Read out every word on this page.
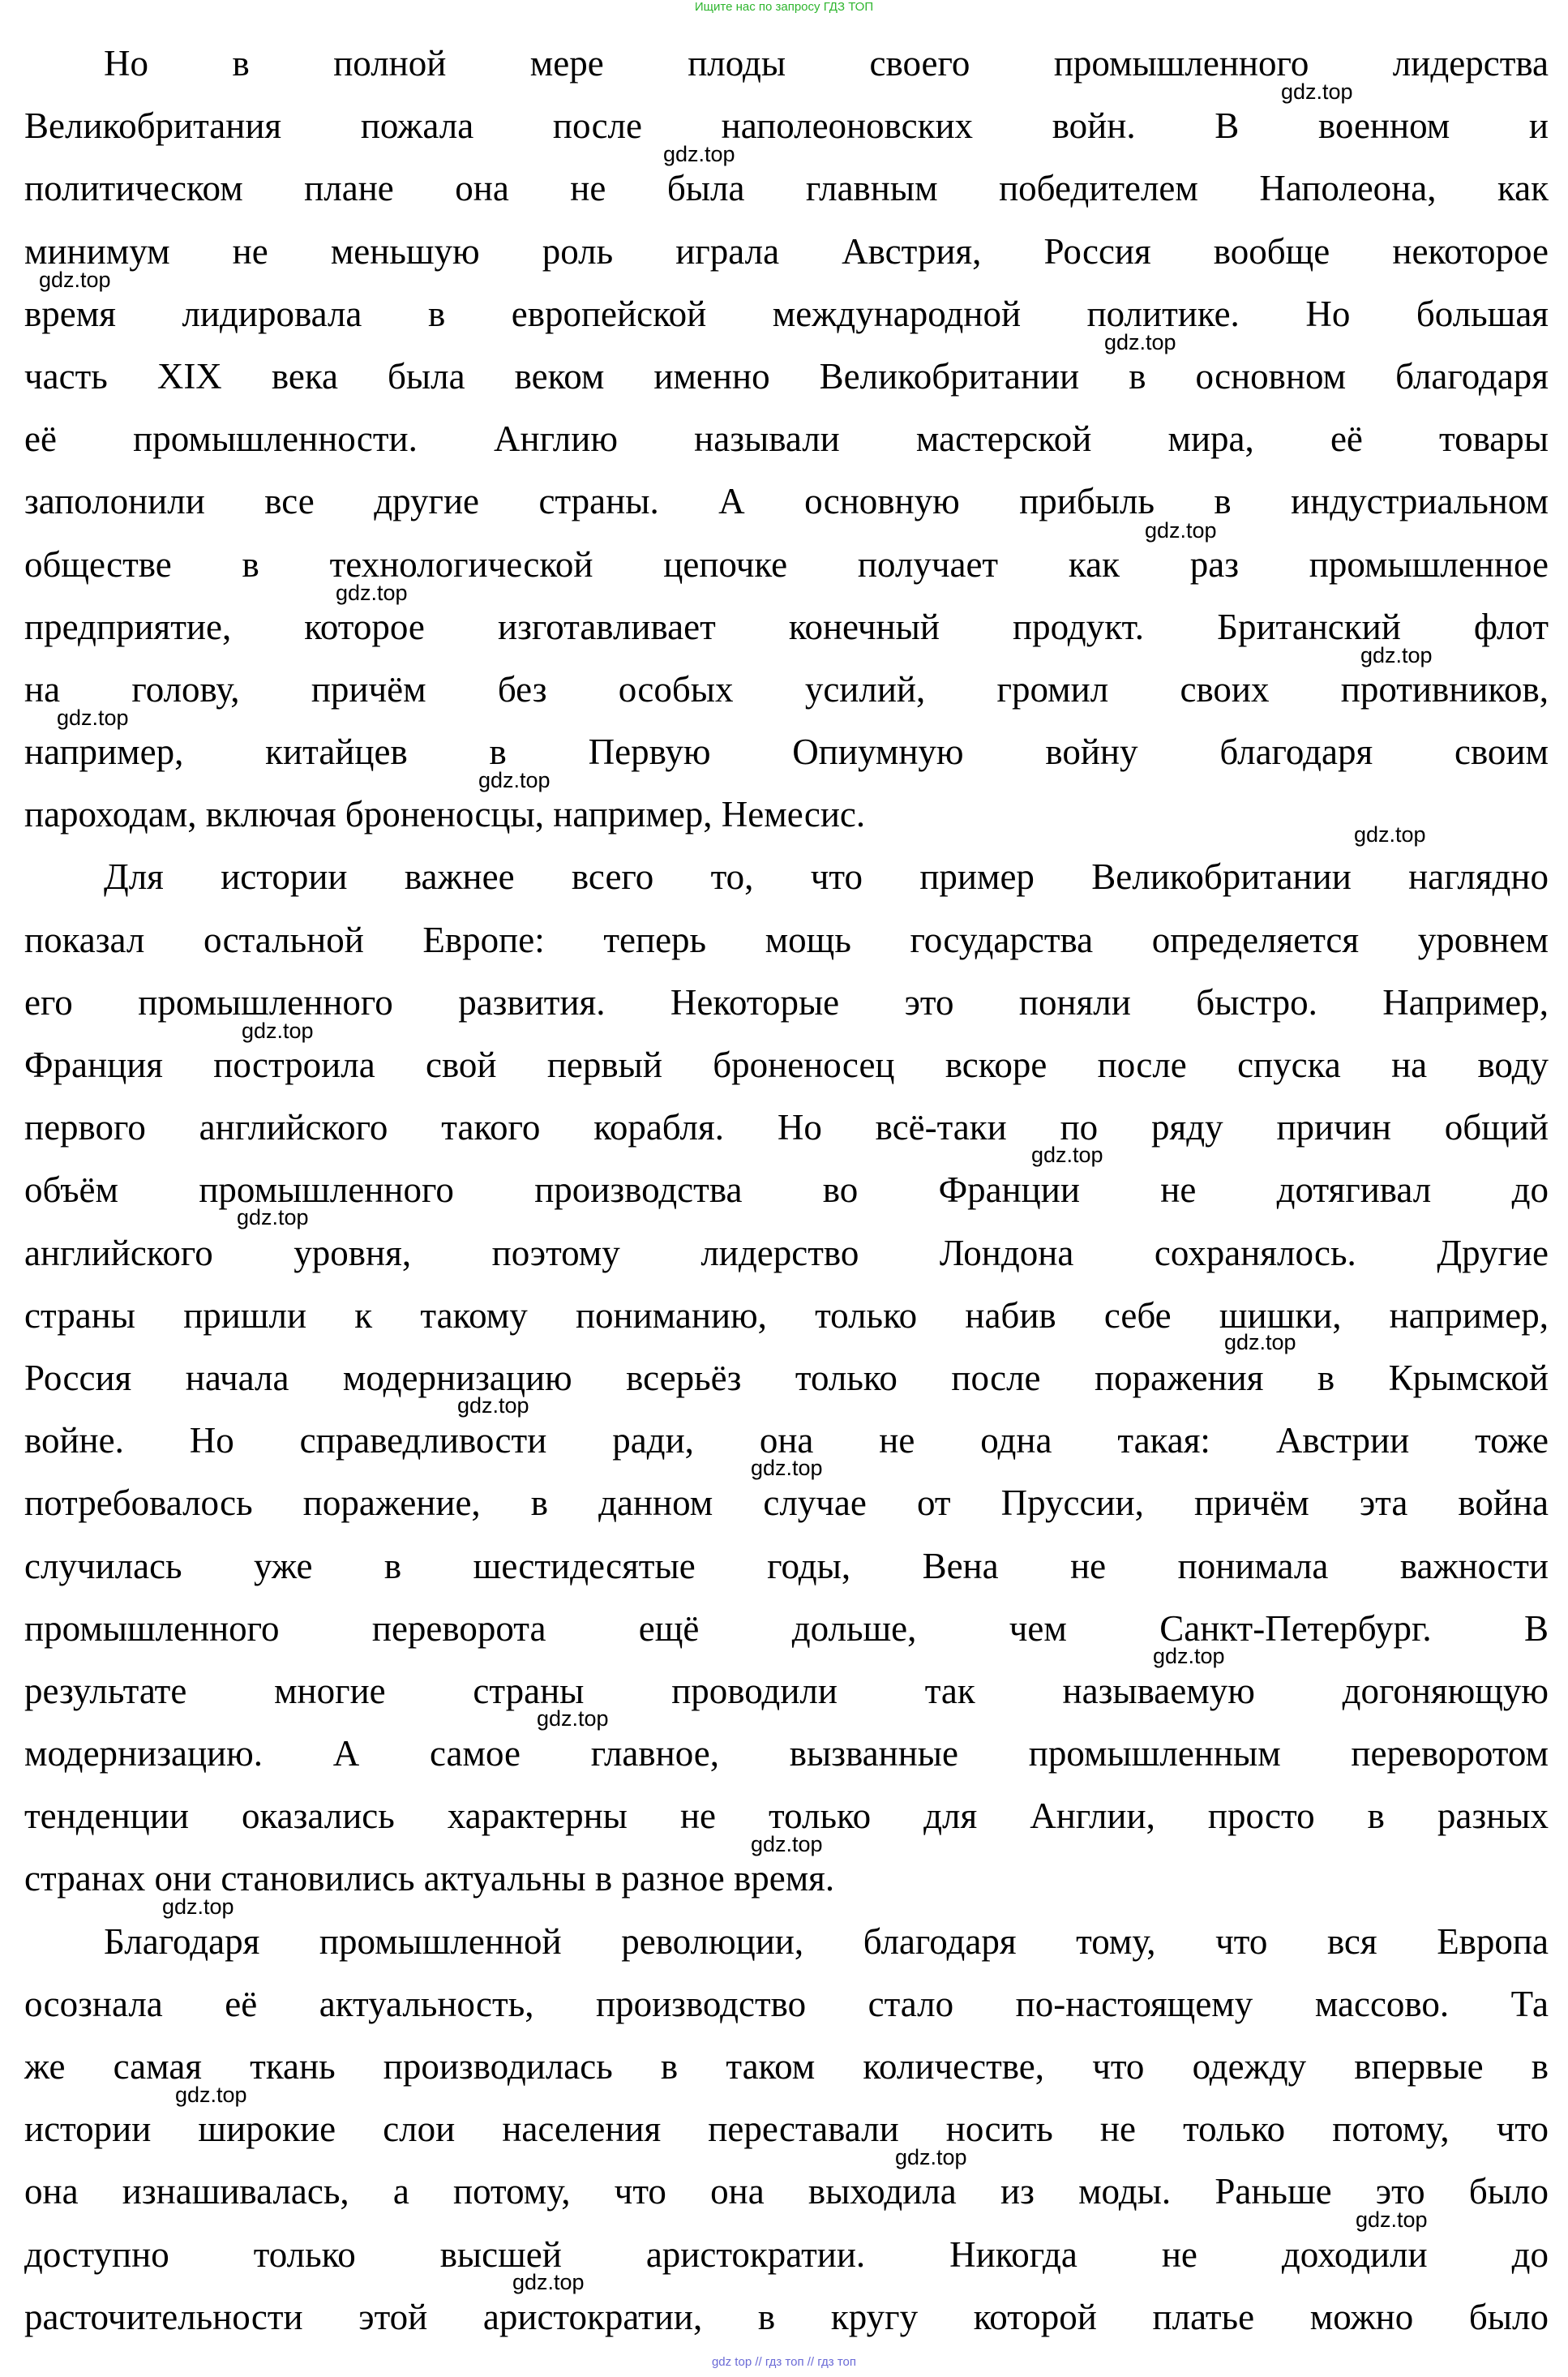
Ищите нас по запросу ГДЗ ТОП
Но в полной мере плоды своего промышленного лидерства
Великобритания пожала после наполеоновских войн. В военном и
политическом плане она не была главным победителем Наполеона, как
минимум не меньшую роль играла Австрия, Россия вообще некоторое
время лидировала в европейской международной политике. Но большая
часть XIX века была веком именно Великобритании в основном благодаря
её промышленности. Англию называли мастерской мира, её товары
заполонили все другие страны. А основную прибыль в индустриальном
обществе в технологической цепочке получает как раз промышленное
предприятие, которое изготавливает конечный продукт. Британский флот
на голову, причём без особых усилий, громил своих противников,
например, китайцев в Первую Опиумную войну благодаря своим
пароходам, включая броненосцы, например, Немесис.
Для истории важнее всего то, что пример Великобритании наглядно
показал остальной Европе: теперь мощь государства определяется уровнем
его промышленного развития. Некоторые это поняли быстро. Например,
Франция построила свой первый броненосец вскоре после спуска на воду
первого английского такого корабля. Но всё-таки по ряду причин общий
объём промышленного производства во Франции не дотягивал до
английского уровня, поэтому лидерство Лондона сохранялось. Другие
страны пришли к такому пониманию, только набив себе шишки, например,
Россия начала модернизацию всерьёз только после поражения в Крымской
войне. Но справедливости ради, она не одна такая: Австрии тоже
потребовалось поражение, в данном случае от Пруссии, причём эта война
случилась уже в шестидесятые годы, Вена не понимала важности
промышленного переворота ещё дольше, чем Санкт-Петербург. В
результате многие страны проводили так называемую догоняющую
модернизацию. А самое главное, вызванные промышленным переворотом
тенденции оказались характерны не только для Англии, просто в разных
странах они становились актуальны в разное время.
Благодаря промышленной революции, благодаря тому, что вся Европа
осознала её актуальность, производство стало по-настоящему массово. Та
же самая ткань производилась в таком количестве, что одежду впервые в
истории широкие слои населения переставали носить не только потому, что
она изнашивалась, а потому, что она выходила из моды. Раньше это было
доступно только высшей аристократии. Никогда не доходили до
расточительности этой аристократии, в кругу которой платье можно было
gdz.top
gdz.top
gdz.top
gdz.top
gdz.top
gdz.top
gdz.top
gdz.top
gdz.top
gdz.top
gdz.top
gdz.top
gdz.top
gdz.top
gdz.top
gdz.top
gdz.top
gdz.top
gdz.top
gdz.top
gdz.top
gdz.top
gdz.top
gdz.top
gdz top // гдз топ // гдз топ
